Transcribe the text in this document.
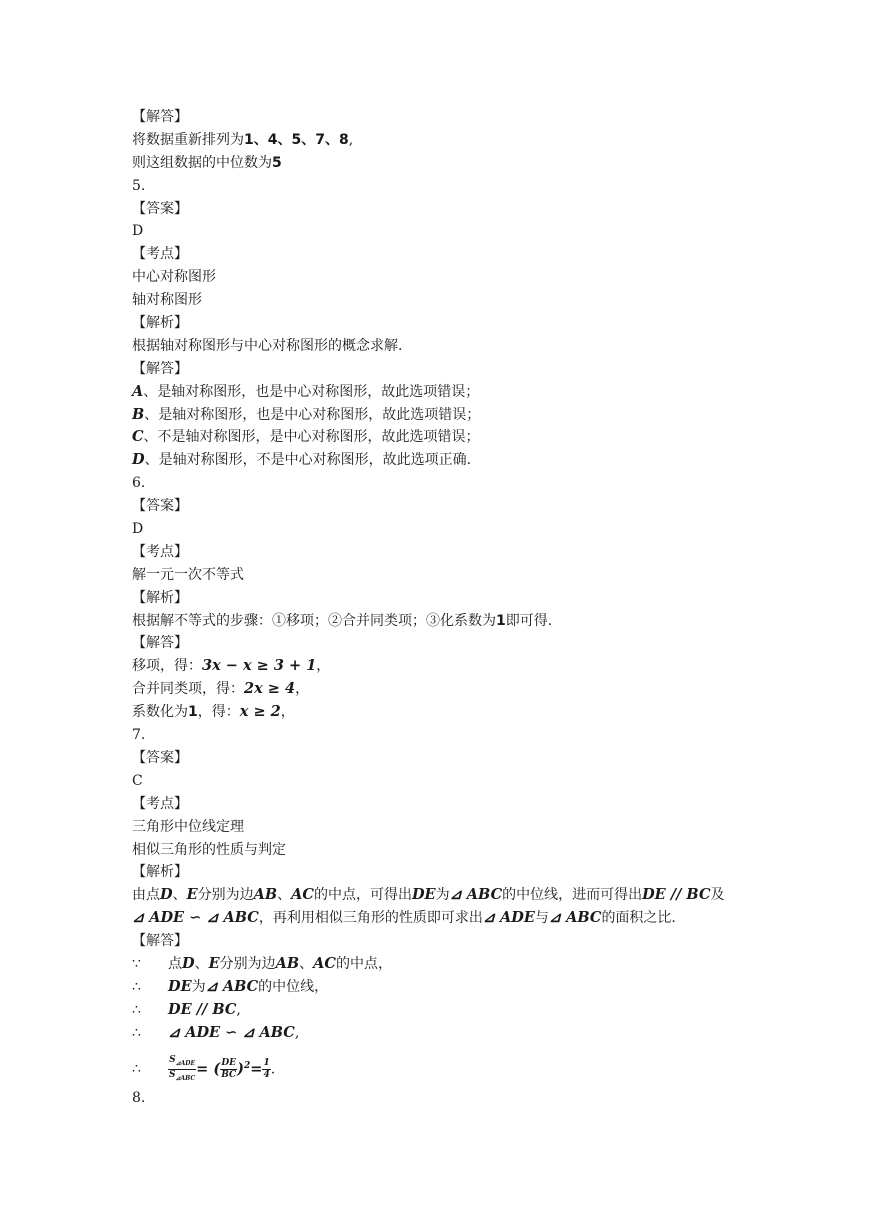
【解答】
将数据重新排列为1、4、5、7、8,
则这组数据的中位数为5
5.
【答案】
D
【考点】
中心对称图形
轴对称图形
【解析】
根据轴对称图形与中心对称图形的概念求解.
【解答】
A、是轴对称图形，也是中心对称图形，故此选项错误；
B、是轴对称图形，也是中心对称图形，故此选项错误；
C、不是轴对称图形，是中心对称图形，故此选项错误；
D、是轴对称图形，不是中心对称图形，故此选项正确.
6.
【答案】
D
【考点】
解一元一次不等式
【解析】
根据解不等式的步骤：①移项；②合并同类项；③化系数为1即可得.
【解答】
移项，得：3x − x ≥ 3 + 1，
合并同类项，得：2x ≥ 4，
系数化为1，得：x ≥ 2，
7.
【答案】
C
【考点】
三角形中位线定理
相似三角形的性质与判定
【解析】
由点D、E分别为边AB、AC的中点，可得出DE为⊿ ABC的中位线，进而可得出DE // BC及
⊿ ADE ∽ ⊿ ABC，再利用相似三角形的性质即可求出⊿ ADE与⊿ ABC的面积之比.
【解答】
∵ 点D、E分别为边AB、AC的中点，
∴ DE为⊿ ABC的中位线，
∴ DE // BC,
∴ ⊿ ADE ∽ ⊿ ABC,
∴	$\frac{S_{⊿ADE}}{S_{⊿ABC}}$ = ( $\frac{DE}{BC} )^2= \frac{1}{4}$ .
8.
